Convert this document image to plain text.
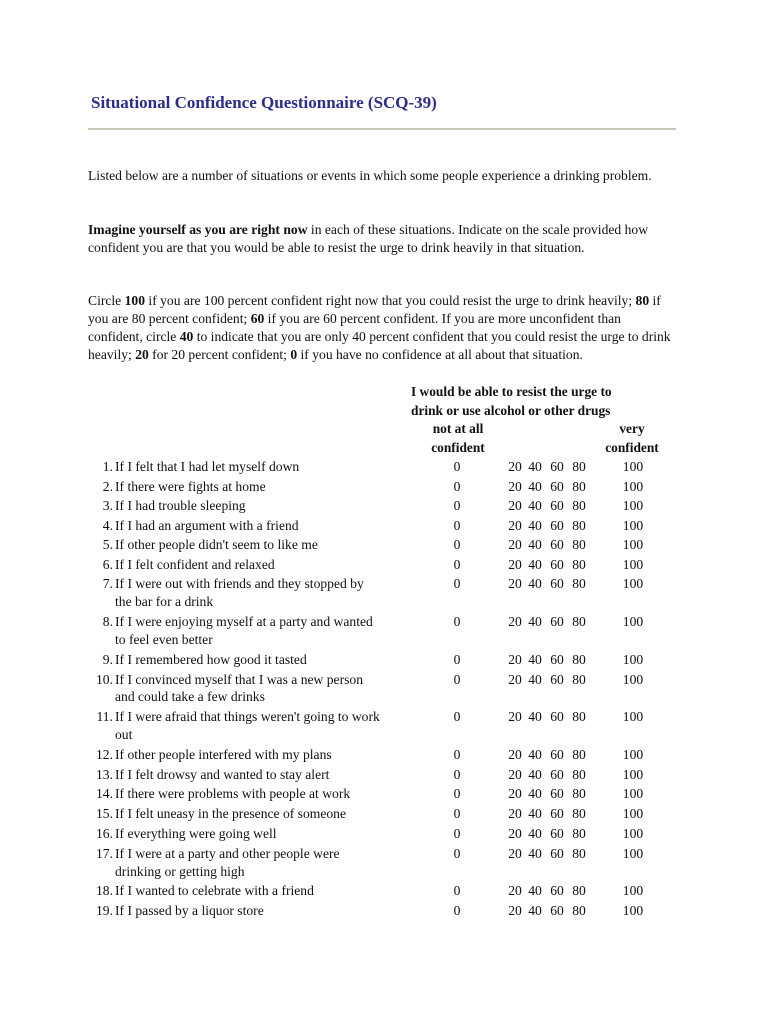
Situational Confidence Questionnaire (SCQ-39)

Listed below are a number of situations or events in which some people experience a drinking problem.

Imagine yourself as you are right now in each of these situations. Indicate on the scale provided how confident you are that you would be able to resist the urge to drink heavily in that situation.

Circle 100 if you are 100 percent confident right now that you could resist the urge to drink heavily; 80 if you are 80 percent confident; 60 if you are 60 percent confident. If you are more unconfident than confident, circle 40 to indicate that you are only 40 percent confident that you could resist the urge to drink heavily; 20 for 20 percent confident; 0 if you have no confidence at all about that situation.

I would be able to resist the urge to
drink or use alcohol or other drugs
not at all
confident
very
confident
1. If I felt that I had let myself down	0	20 40 60 80	100
2. If there were fights at home	0	20 40 60 80	100
3. If I had trouble sleeping	0	20 40 60 80	100
4. If I had an argument with a friend	0	20 40 60 80	100
5. If other people didn't seem to like me	0	20 40 60 80	100
6. If I felt confident and relaxed	0	20 40 60 80	100
7. If I were out with friends and they stopped by
the bar for a drink
0	20 40 60 80	100
8. If I were enjoying myself at a party and wanted
to feel even better
0	20 40 60 80	100
9. If I remembered how good it tasted	0	20 40 60 80	100
10. If I convinced myself that I was a new person
and could take a few drinks
0	20 40 60 80	100
11. If I were afraid that things weren't going to work
out
0	20 40 60 80	100
12. If other people interfered with my plans	0	20 40 60 80	100
13. If I felt drowsy and wanted to stay alert	0	20 40 60 80	100
14. If there were problems with people at work	0	20 40 60 80	100
15. If I felt uneasy in the presence of someone	0	20 40 60 80	100
16. If everything were going well	0	20 40 60 80	100
17. If I were at a party and other people were
drinking or getting high
0	20 40 60 80	100
18. If I wanted to celebrate with a friend	0	20 40 60 80	100
19. If I passed by a liquor store	0	20 40 60 80	100
